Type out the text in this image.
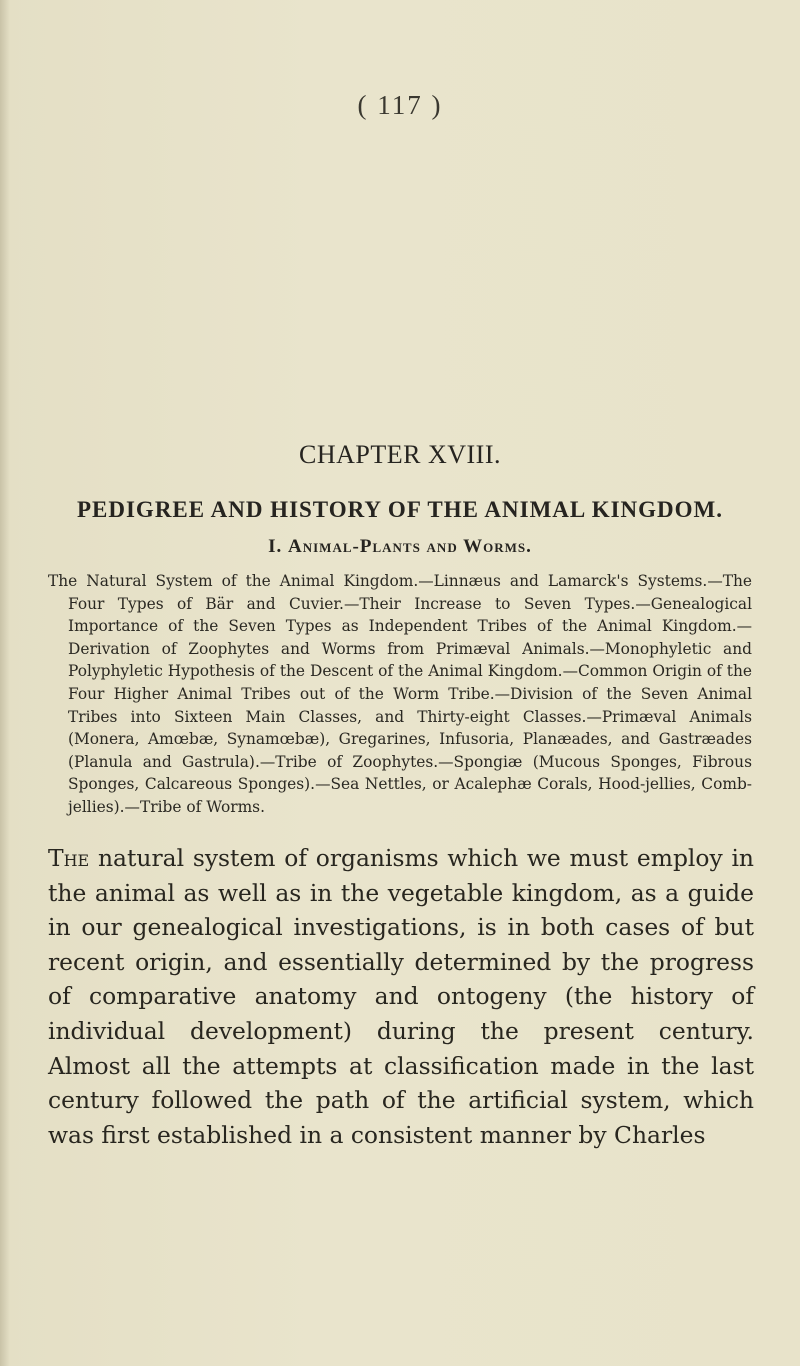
( 117 )
CHAPTER XVIII.
PEDIGREE AND HISTORY OF THE ANIMAL KINGDOM.
I. Animal-Plants and Worms.
The Natural System of the Animal Kingdom.—Linnæus and Lamarck's Systems.—The Four Types of Bär and Cuvier.—Their Increase to Seven Types.—Genealogical Importance of the Seven Types as Independent Tribes of the Animal Kingdom.—Derivation of Zoophytes and Worms from Primæval Animals.—Monophyletic and Polyphyletic Hypothesis of the Descent of the Animal Kingdom.—Common Origin of the Four Higher Animal Tribes out of the Worm Tribe.—Division of the Seven Animal Tribes into Sixteen Main Classes, and Thirty-eight Classes.—Primæval Animals (Monera, Amœbæ, Synamœbæ), Gregarines, Infusoria, Planæades, and Gastræades (Planula and Gastrula).—Tribe of Zoophytes.—Spongiæ (Mucous Sponges, Fibrous Sponges, Calcareous Sponges).—Sea Nettles, or Acalephæ Corals, Hood-jellies, Comb-jellies).—Tribe of Worms.
The natural system of organisms which we must employ in the animal as well as in the vegetable kingdom, as a guide in our genealogical investigations, is in both cases of but recent origin, and essentially determined by the progress of comparative anatomy and ontogeny (the history of individual development) during the present century. Almost all the attempts at classification made in the last century followed the path of the artificial system, which was first established in a consistent manner by Charles
